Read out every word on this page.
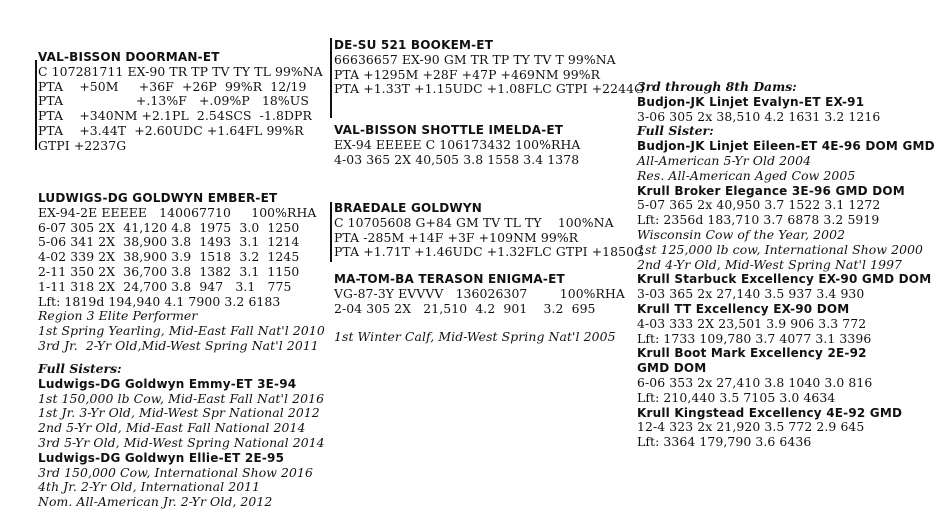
VAL-BISSON DOORMAN-ET
C 107281711 EX-90 TR TP TV TY TL 99%NA
PTA    +50M     +36F  +26P  99%R  12/19
PTA                  +.13%F   +.09%P   18%US
PTA    +340NM +2.1PL  2.54SCS  -1.8DPR
PTA    +3.44T  +2.60UDC +1.64FL 99%R
GTPI +2237G
LUDWIGS-DG GOLDWYN EMBER-ET
EX-94-2E EEEEE   140067710     100%RHA
6-07 305 2X  41,120 4.8  1975  3.0  1250
5-06 341 2X  38,900 3.8  1493  3.1  1214
4-02 339 2X  38,900 3.9  1518  3.2  1245
2-11 350 2X  36,700 3.8  1382  3.1  1150
1-11 318 2X  24,700 3.8  947   3.1   775
Lft: 1819d 194,940 4.1 7900 3.2 6183
Region 3 Elite Performer
1st Spring Yearling, Mid-East Fall Nat'l 2010
3rd Jr.  2-Yr Old,Mid-West Spring Nat'l 2011
Full Sisters:
Ludwigs-DG Goldwyn Emmy-ET 3E-94
1st 150,000 lb Cow, Mid-East Fall Nat'l 2016
1st Jr. 3-Yr Old, Mid-West Spr National 2012
2nd 5-Yr Old, Mid-East Fall National 2014
3rd 5-Yr Old, Mid-West Spring National 2014
Ludwigs-DG Goldwyn Ellie-ET 2E-95
3rd 150,000 Cow, International Show 2016
4th Jr. 2-Yr Old, International 2011
Nom. All-American Jr. 2-Yr Old, 2012
DE-SU 521 BOOKEM-ET
66636657 EX-90 GM TR TP TY TV T 99%NA
PTA +1295M +28F +47P +469NM 99%R
PTA +1.33T +1.15UDC +1.08FLC GTPI +2244G
VAL-BISSON SHOTTLE IMELDA-ET
EX-94 EEEEE C 106173432 100%RHA
4-03 365 2X 40,505 3.8 1558 3.4 1378
BRAEDALE GOLDWYN
C 10705608 G+84 GM TV TL TY    100%NA
PTA -285M +14F +3F +109NM 99%R
PTA +1.71T +1.46UDC +1.32FLC GTPI +1850G
MA-TOM-BA TERASON ENIGMA-ET
VG-87-3Y EVVVV   136026307        100%RHA
2-04 305 2X   21,510  4.2  901    3.2  695
1st Winter Calf, Mid-West Spring Nat'l 2005
3rd through 8th Dams:
Budjon-JK Linjet Evalyn-ET EX-91
3-06 305 2x 38,510 4.2 1631 3.2 1216
Full Sister:
Budjon-JK Linjet Eileen-ET 4E-96 DOM GMD
All-American 5-Yr Old 2004
Res. All-American Aged Cow 2005
Krull Broker Elegance 3E-96 GMD DOM
5-07 365 2x 40,950 3.7 1522 3.1 1272
Lft: 2356d 183,710 3.7 6878 3.2 5919
Wisconsin Cow of the Year, 2002
1st 125,000 lb cow, International Show 2000
2nd 4-Yr Old, Mid-West Spring Nat'l 1997
Krull Starbuck Excellency EX-90 GMD DOM
3-03 365 2x 27,140 3.5 937 3.4 930
Krull TT Excellency EX-90 DOM
4-03 333 2X 23,501 3.9 906 3.3 772
Lft: 1733 109,780 3.7 4077 3.1 3396
Krull Boot Mark Excellency 2E-92
GMD DOM
6-06 353 2x 27,410 3.8 1040 3.0 816
Lft: 210,440 3.5 7105 3.0 4634
Krull Kingstead Excellency 4E-92 GMD
12-4 323 2x 21,920 3.5 772 2.9 645
Lft: 3364 179,790 3.6 6436
